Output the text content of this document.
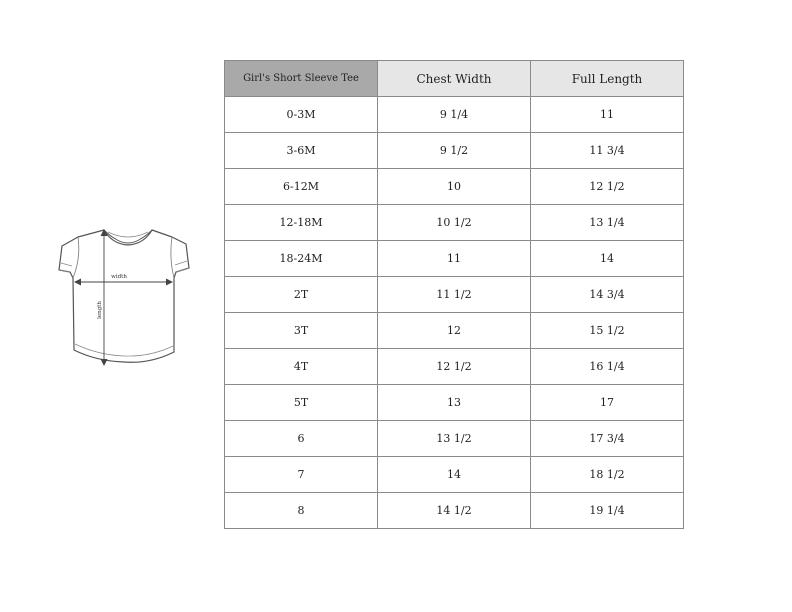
width
length
Girl's Short Sleeve Tee	Chest Width	Full Length
0-3M	9 1/4	11
3-6M	9 1/2	11 3/4
6-12M	10	12 1/2
12-18M	10 1/2	13 1/4
18-24M	11	14
2T	11 1/2	14 3/4
3T	12	15 1/2
4T	12 1/2	16 1/4
5T	13	17
6	13 1/2	17 3/4
7	14	18 1/2
8	14 1/2	19 1/4
